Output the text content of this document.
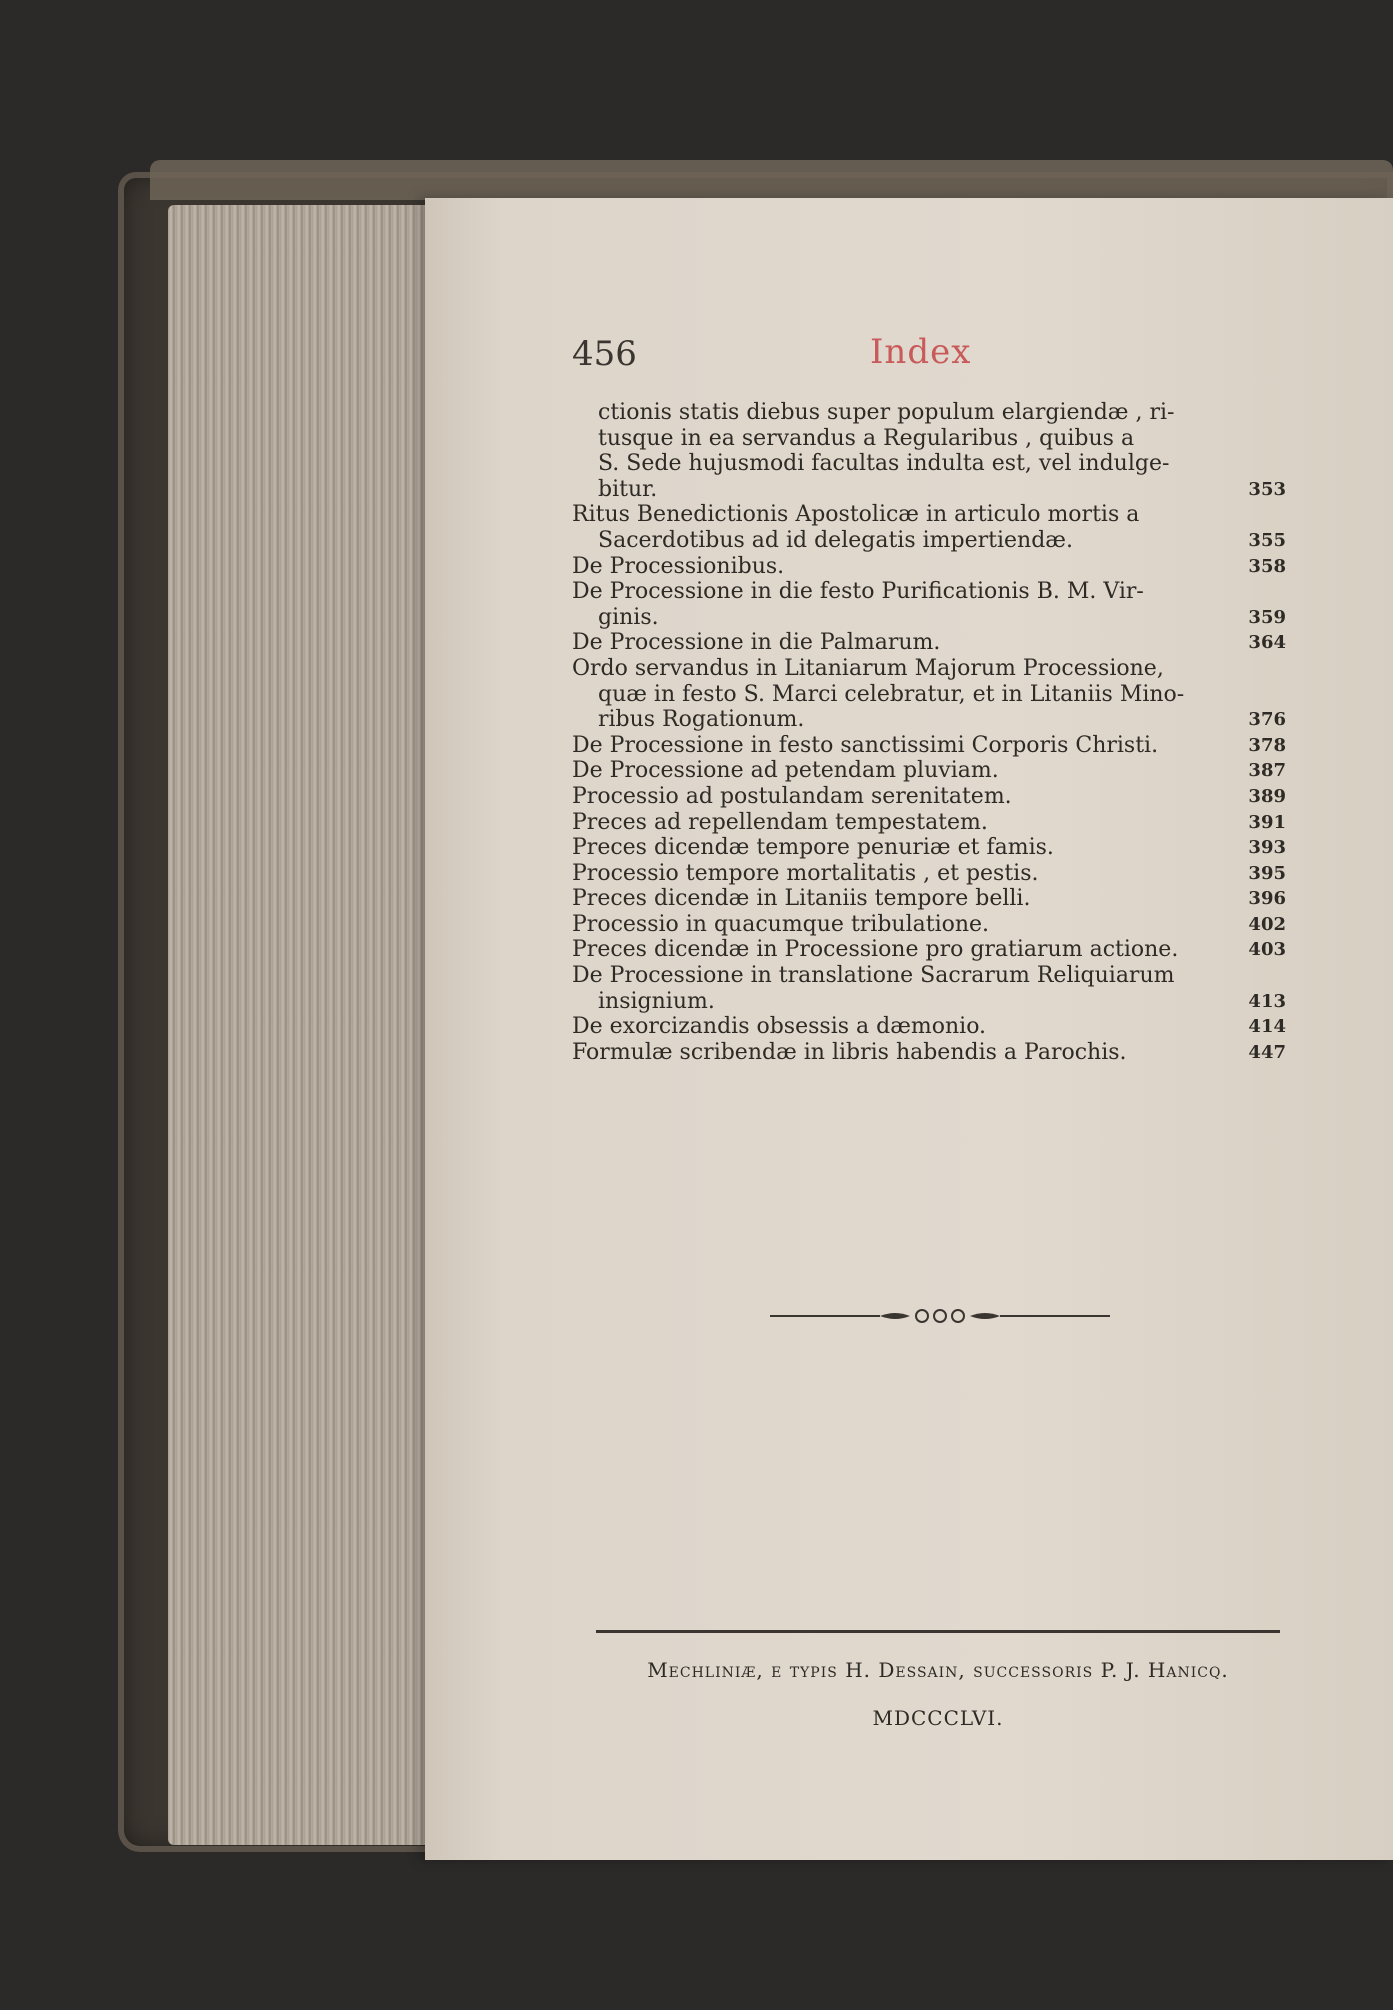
456	Index
ctionis statis diebus super populum elargiendæ , ri-
tusque in ea servandus a Regularibus , quibus a
S. Sede hujusmodi facultas indulta est, vel indulge-
bitur.	353
Ritus Benedictionis Apostolicæ in articulo mortis a
Sacerdotibus ad id delegatis impertiendæ.	355
De Processionibus.	358
De Processione in die festo Purificationis B. M. Vir-
ginis.	359
De Processione in die Palmarum.	364
Ordo servandus in Litaniarum Majorum Processione,
quæ in festo S. Marci celebratur, et in Litaniis Mino-
ribus Rogationum.	376
De Processione in festo sanctissimi Corporis Christi.	378
De Processione ad petendam pluviam.	387
Processio ad postulandam serenitatem.	389
Preces ad repellendam tempestatem.	391
Preces dicendæ tempore penuriæ et famis.	393
Processio tempore mortalitatis , et pestis.	395
Preces dicendæ in Litaniis tempore belli.	396
Processio in quacumque tribulatione.	402
Preces dicendæ in Processione pro gratiarum actione.	403
De Processione in translatione Sacrarum Reliquiarum
insignium.	413
De exorcizandis obsessis a dæmonio.	414
Formulæ scribendæ in libris habendis a Parochis.	447
Mechliniæ, e typis H. Dessain, successoris P. J. Hanicq.
MDCCCLVI.
